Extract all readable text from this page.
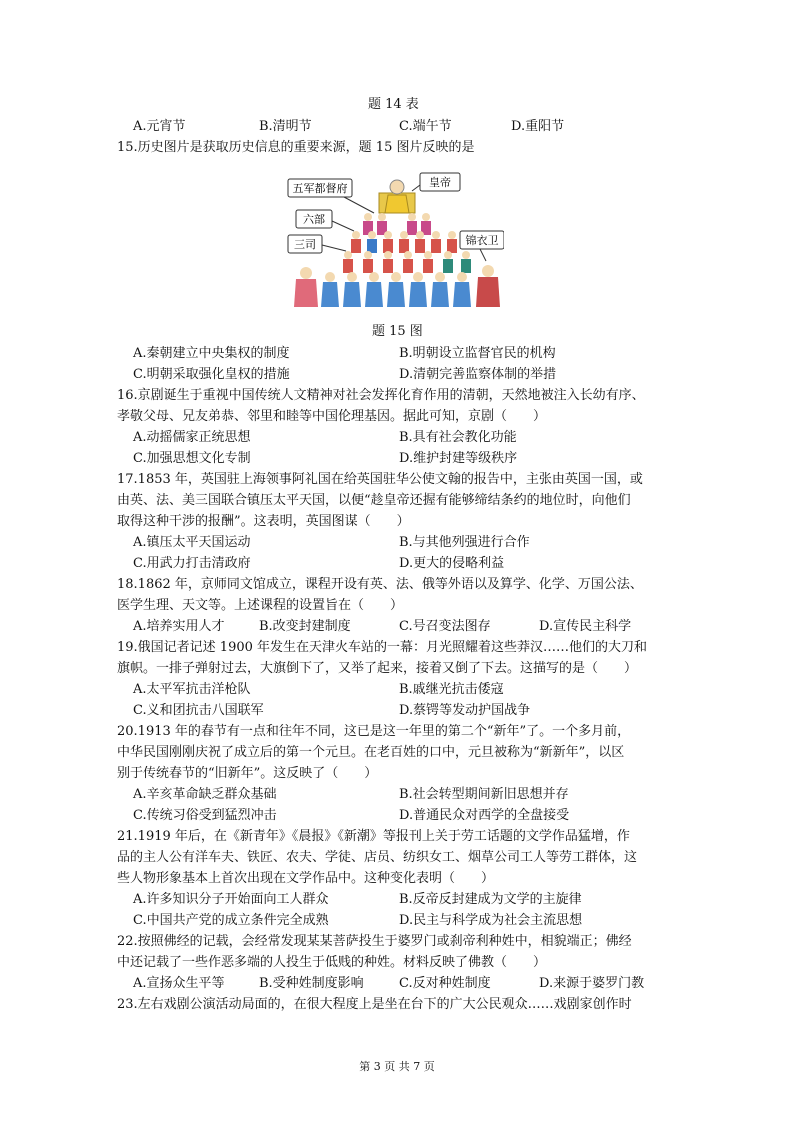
题 14 表
A.元宵节	B.清明节	C.端午节	D.重阳节
15.历史图片是获取历史信息的重要来源，题 15 图片反映的是
五军都督府	皇帝
六部
三司	锦衣卫
题 15 图
A.秦朝建立中央集权的制度	B.明朝设立监督官民的机构
C.明朝采取强化皇权的措施	D.清朝完善监察体制的举措
16.京剧诞生于重视中国传统人文精神对社会发挥化育作用的清朝，天然地被注入长幼有序、
孝敬父母、兄友弟恭、邻里和睦等中国伦理基因。据此可知，京剧（　　）
A.动摇儒家正统思想	B.具有社会教化功能
C.加强思想文化专制	D.维护封建等级秩序
17.1853 年，英国驻上海领事阿礼国在给英国驻华公使文翰的报告中，主张由英国一国，或
由英、法、美三国联合镇压太平天国，以便“趁皇帝还握有能够缔结条约的地位时，向他们
取得这种干涉的报酬”。这表明，英国图谋（　　）
A.镇压太平天国运动	B.与其他列强进行合作
C.用武力打击清政府	D.更大的侵略利益
18.1862 年，京师同文馆成立，课程开设有英、法、俄等外语以及算学、化学、万国公法、
医学生理、天文等。上述课程的设置旨在（　　）
A.培养实用人才	B.改变封建制度	C.号召变法图存	D.宣传民主科学
19.俄国记者记述 1900 年发生在天津火车站的一幕：月光照耀着这些莽汉……他们的大刀和
旗帜。一排子弹射过去，大旗倒下了，又举了起来，接着又倒了下去。这描写的是（　　）
A.太平军抗击洋枪队	B.戚继光抗击倭寇
C.义和团抗击八国联军	D.蔡锷等发动护国战争
20.1913 年的春节有一点和往年不同，这已是这一年里的第二个“新年”了。一个多月前，
中华民国刚刚庆祝了成立后的第一个元旦。在老百姓的口中，元旦被称为“新新年”，以区
别于传统春节的“旧新年”。这反映了（　　）
A.辛亥革命缺乏群众基础	B.社会转型期间新旧思想并存
C.传统习俗受到猛烈冲击	D.普通民众对西学的全盘接受
21.1919 年后，在《新青年》《晨报》《新潮》等报刊上关于劳工话题的文学作品猛增，作
品的主人公有洋车夫、铁匠、农夫、学徒、店员、纺织女工、烟草公司工人等劳工群体，这
些人物形象基本上首次出现在文学作品中。这种变化表明（　　）
A.许多知识分子开始面向工人群众	B.反帝反封建成为文学的主旋律
C.中国共产党的成立条件完全成熟	D.民主与科学成为社会主流思想
22.按照佛经的记载，会经常发现某某菩萨投生于婆罗门或刹帝利种姓中，相貌端正；佛经
中还记载了一些作恶多端的人投生于低贱的种姓。材料反映了佛教（　　）
A.宣扬众生平等	B.受种姓制度影响	C.反对种姓制度	D.来源于婆罗门教
23.左右戏剧公演活动局面的，在很大程度上是坐在台下的广大公民观众……戏剧家创作时
第 3 页 共 7 页
